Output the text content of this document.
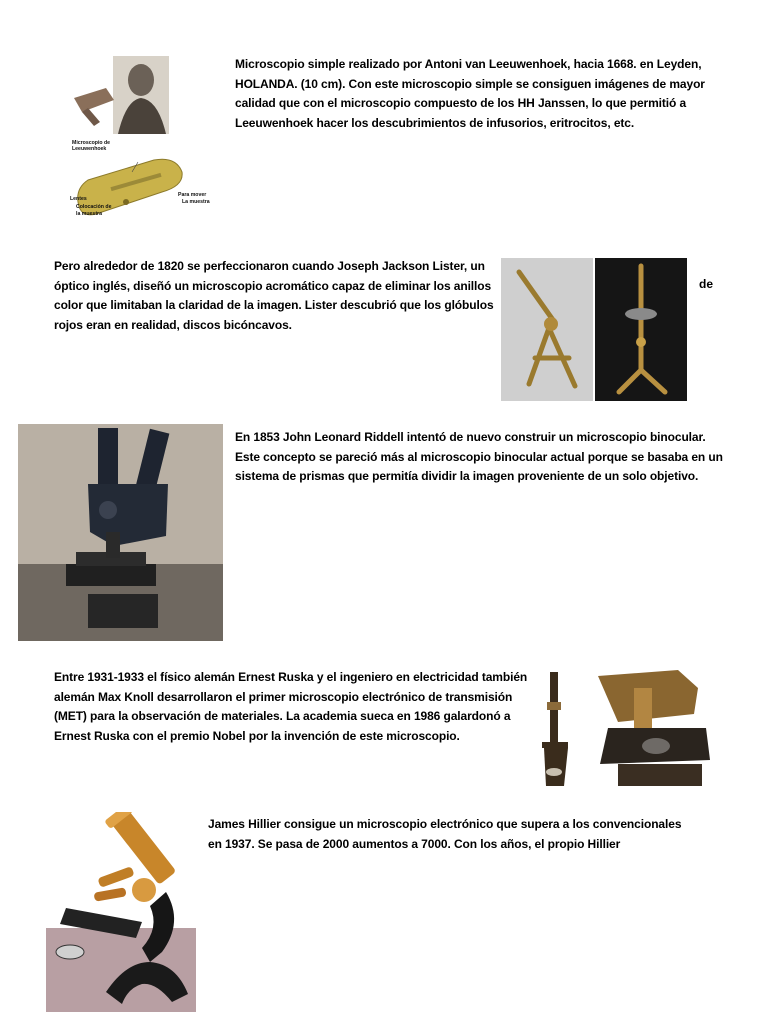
Microscopio de
Leeuwenhoek
Para mover
La muestra
Lentes
Colocación de
la muestra

Microscopio simple realizado por Antoni van Leeuwenhoek, hacia 1668. en Leyden, HOLANDA. (10 cm). Con este microscopio simple se consiguen imágenes de mayor calidad que con el microscopio compuesto de los HH Janssen, lo que permitió a Leeuwenhoek hacer los descubrimientos de infusorios, eritrocitos, etc.

Pero alrededor de 1820 se perfeccionaron cuando Joseph Jackson Lister, un óptico inglés, diseñó un microscopio acromático capaz de eliminar los anillos color que limitaban la claridad de la imagen. Lister descubrió que los glóbulos rojos eran en realidad, discos bicóncavos.

de

En 1853 John Leonard Riddell intentó de nuevo construir un microscopio binocular. Este concepto se pareció más al microscopio binocular actual porque se basaba en un sistema de prismas que permitía dividir la imagen proveniente de un solo objetivo.

Entre 1931-1933 el físico alemán Ernest Ruska y el ingeniero en electricidad también alemán Max Knoll desarrollaron el primer microscopio electrónico de transmisión (MET) para la observación de materiales. La academia sueca en 1986 galardonó a Ernest Ruska con el premio Nobel por la invención de este microscopio.

James Hillier consigue un microscopio electrónico que supera a los convencionales en 1937. Se pasa de 2000 aumentos a 7000. Con los años, el propio Hillier
